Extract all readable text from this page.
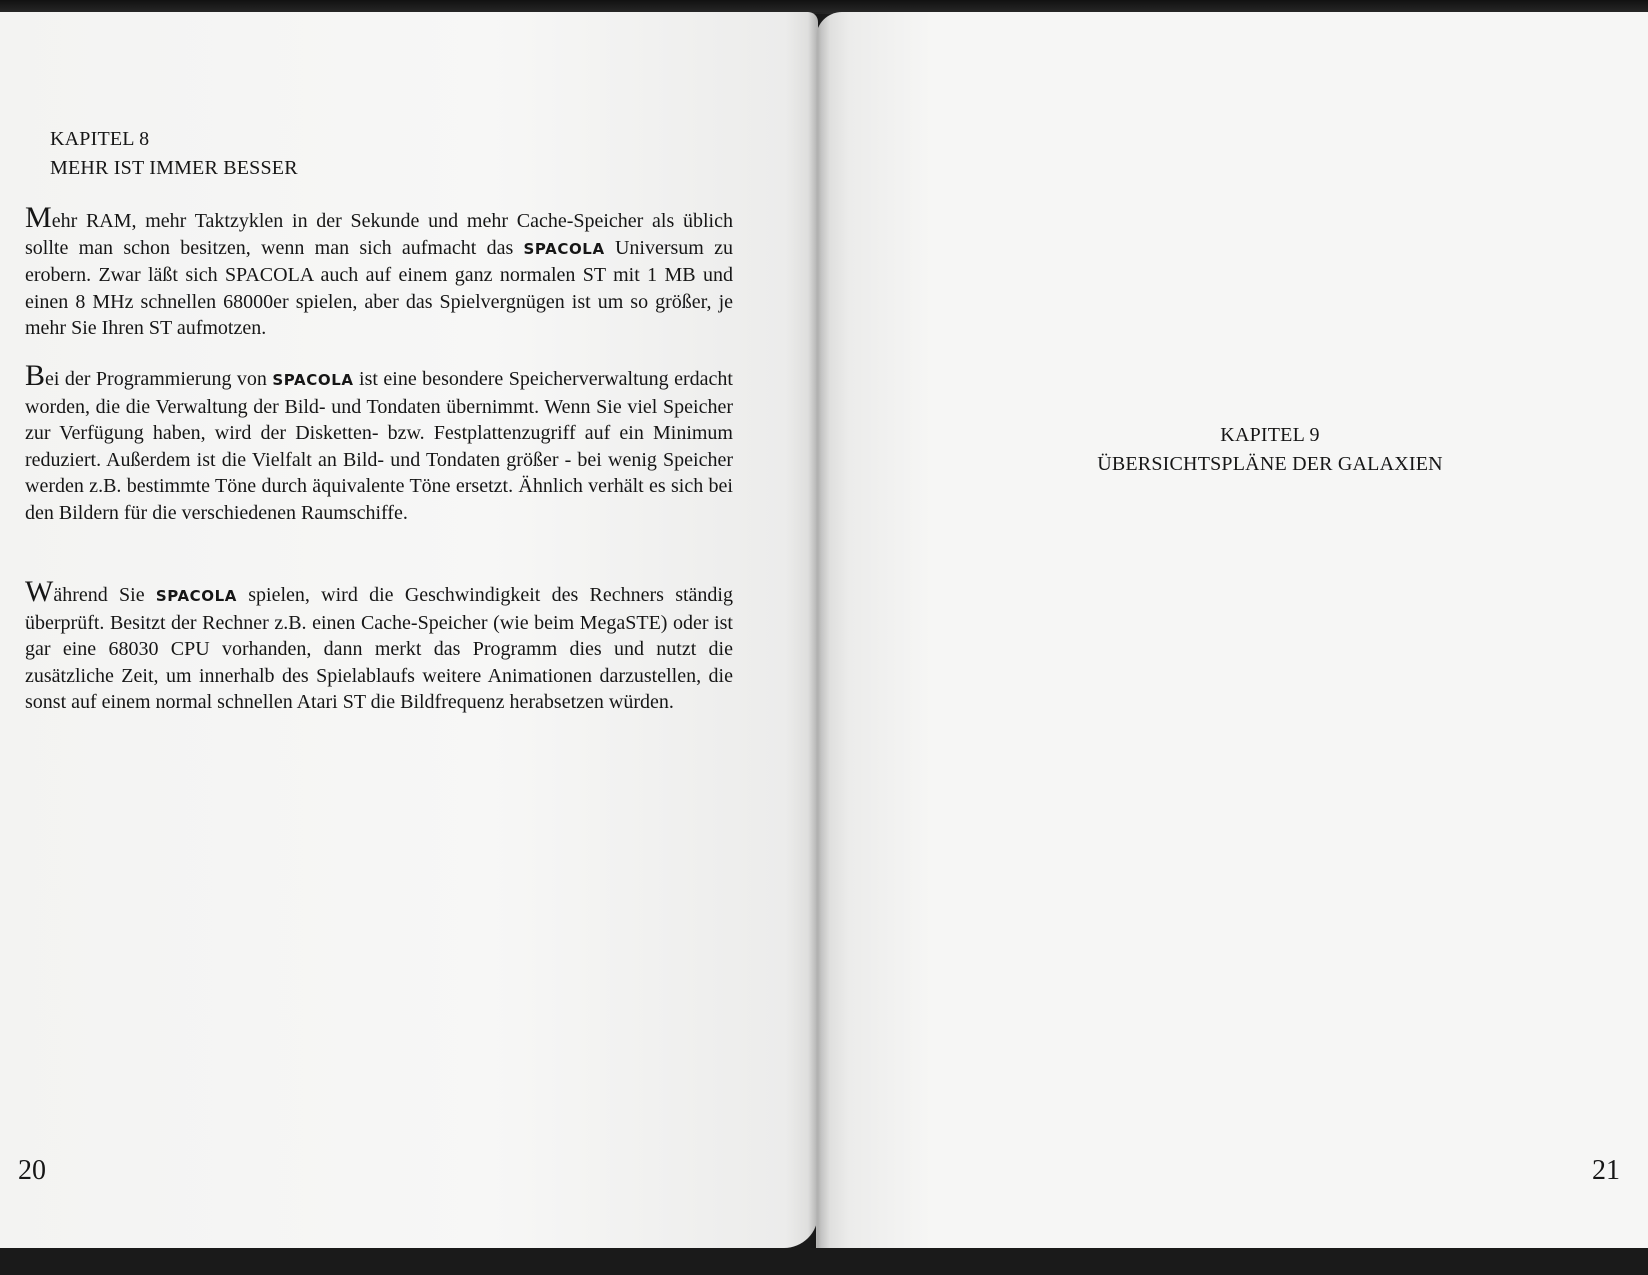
KAPITEL 8
MEHR IST IMMER BESSER
Mehr RAM, mehr Taktzyklen in der Sekunde und mehr Cache-Speicher als üblich sollte man schon besitzen, wenn man sich aufmacht das SPACOLA Universum zu erobern. Zwar läßt sich SPACOLA auch auf einem ganz normalen ST mit 1 MB und einen 8 MHz schnellen 68000er spielen, aber das Spielvergnügen ist um so größer, je mehr Sie Ihren ST aufmotzen.
Bei der Programmierung von SPACOLA ist eine besondere Speicherverwaltung erdacht worden, die die Verwaltung der Bild- und Tondaten übernimmt. Wenn Sie viel Speicher zur Verfügung haben, wird der Disketten- bzw. Festplattenzugriff auf ein Minimum reduziert. Außerdem ist die Vielfalt an Bild- und Tondaten größer - bei wenig Speicher werden z.B. bestimmte Töne durch äquivalente Töne ersetzt. Ähnlich verhält es sich bei den Bildern für die verschiedenen Raumschiffe.
Während Sie SPACOLA spielen, wird die Geschwindigkeit des Rechners ständig überprüft. Besitzt der Rechner z.B. einen Cache-Speicher (wie beim MegaSTE) oder ist gar eine 68030 CPU vorhanden, dann merkt das Programm dies und nutzt die zusätzliche Zeit, um innerhalb des Spielablaufs weitere Animationen darzustellen, die sonst auf einem normal schnellen Atari ST die Bildfrequenz herabsetzen würden.
20
KAPITEL 9
ÜBERSICHTSPLÄNE DER GALAXIEN
21
